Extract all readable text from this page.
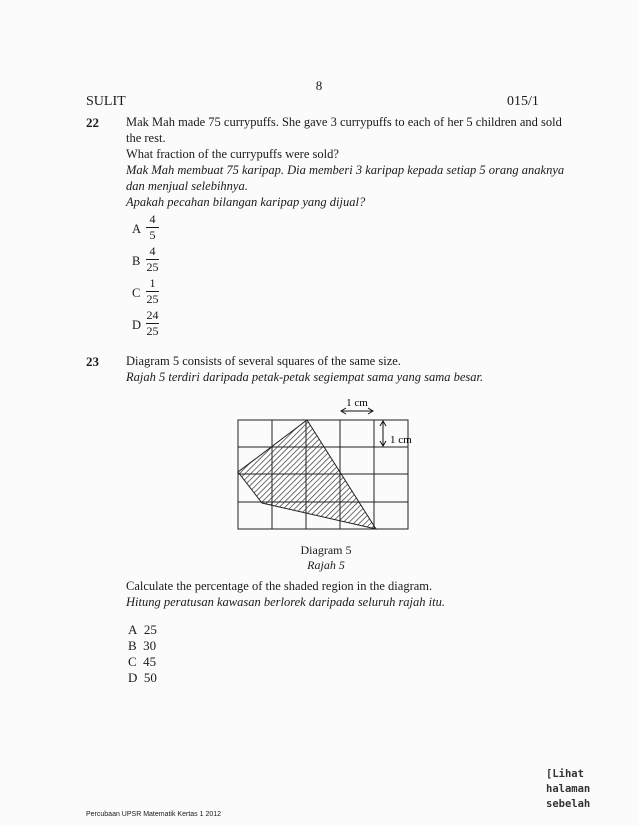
8
SULIT	015/1
22 Mak Mah made 75 curry​puffs. She gave 3 currypuffs to each of her 5 children and sold
the rest.
What fraction of the currypuffs were sold?
Mak Mah membuat 75 karipap. Dia memberi 3 karipap kepada setiap 5 orang anaknya
dan menjual selebihnya.
Apakah pecahan bilangan karipap yang dijual?
A
4
5
B
4
25
C
1
25
D
24
25
23 Diagram 5 consists of several squares of the same size.
Rajah 5 terdiri daripada petak-petak segiempat sama yang sama besar.
1 cm
1 cm
Diagram 5
Rajah 5
Calculate the percentage of the shaded region in the diagram.
Hitung peratusan kawasan berlorek daripada seluruh rajah itu.
A 25
B 30
C 45
D 50
[Lihat
halaman
sebelah
Percubaan UPSR Matematik Kertas 1 2012
